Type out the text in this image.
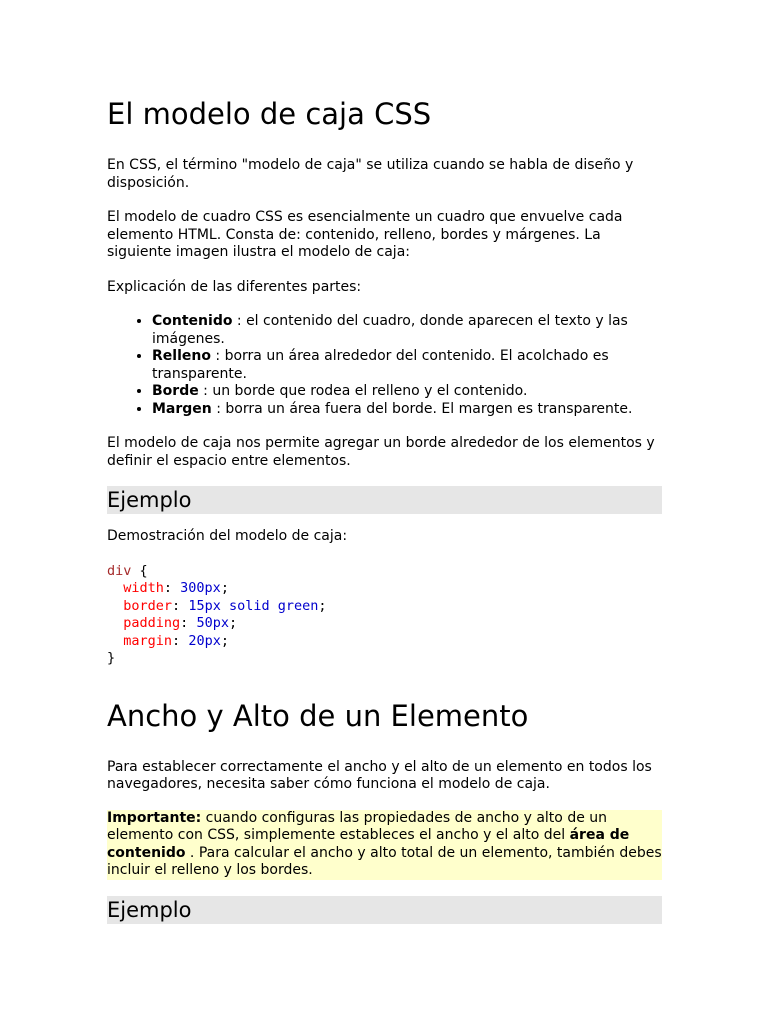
El modelo de caja CSS

En CSS, el término "modelo de caja" se utiliza cuando se habla de diseño y disposición.

El modelo de cuadro CSS es esencialmente un cuadro que envuelve cada elemento HTML. Consta de: contenido, relleno, bordes y márgenes. La siguiente imagen ilustra el modelo de caja:

Explicación de las diferentes partes:

• Contenido : el contenido del cuadro, donde aparecen el texto y las imágenes.
• Relleno : borra un área alrededor del contenido. El acolchado es transparente.
• Borde : un borde que rodea el relleno y el contenido.
• Margen : borra un área fuera del borde. El margen es transparente.

El modelo de caja nos permite agregar un borde alrededor de los elementos y definir el espacio entre elementos.

Ejemplo

Demostración del modelo de caja:

div {
width: 300px;
border: 15px solid green;
padding: 50px;
margin: 20px;
}
Ancho y Alto de un Elemento

Para establecer correctamente el ancho y el alto de un elemento en todos los navegadores, necesita saber cómo funciona el modelo de caja.

Importante: cuando configuras las propiedades de ancho y alto de un elemento con CSS, simplemente estableces el ancho y el alto del área de contenido . Para calcular el ancho y alto total de un elemento, también debes incluir el relleno y los bordes.

Ejemplo
